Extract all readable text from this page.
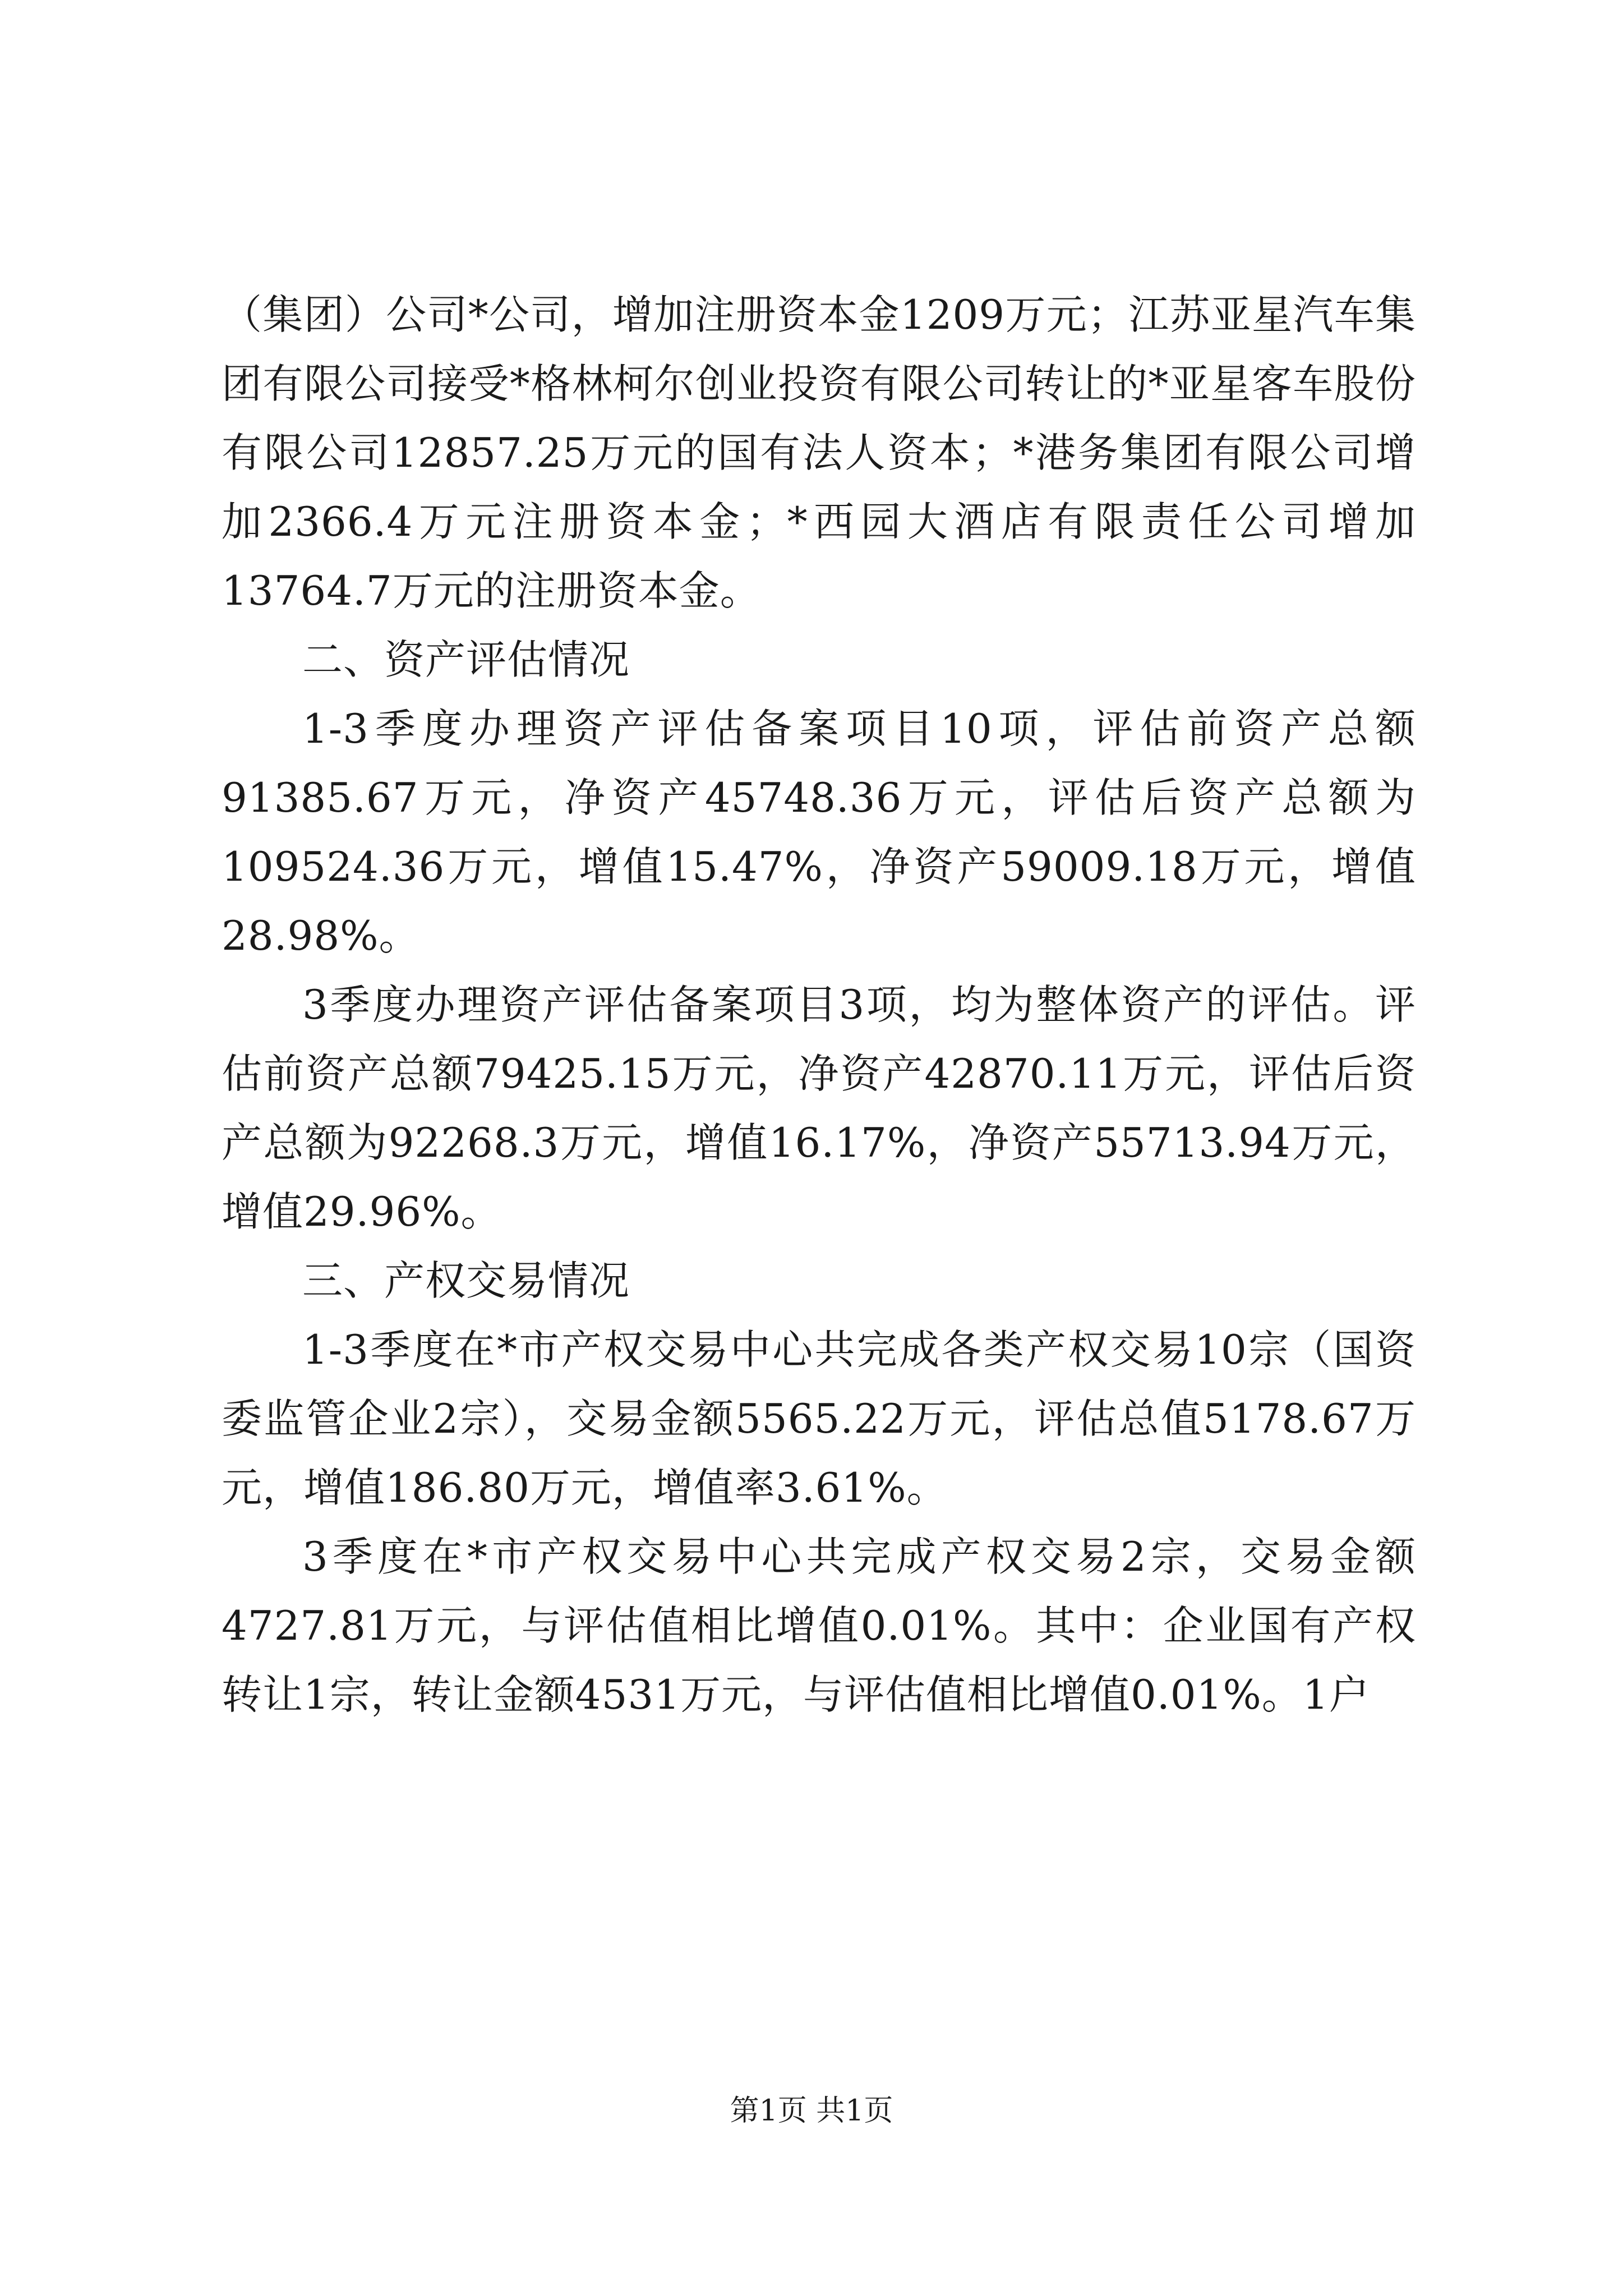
（集团）公司*公司，增加注册资本金1209万元；江苏亚星汽车集团有限公司接受*格林柯尔创业投资有限公司转让的*亚星客车股份有限公司12857.25万元的国有法人资本；*港务集团有限公司增加2366.4万元注册资本金；*西园大酒店有限责任公司增加13764.7万元的注册资本金。

二、资产评估情况

1-3季度办理资产评估备案项目10项，评估前资产总额91385.67万元，净资产45748.36万元，评估后资产总额为109524.36万元，增值15.47%，净资产59009.18万元，增值28.98%。

3季度办理资产评估备案项目3项，均为整体资产的评估。评估前资产总额79425.15万元，净资产42870.11万元，评估后资产总额为92268.3万元，增值16.17%，净资产55713.94万元，增值29.96%。

三、产权交易情况

1-3季度在*市产权交易中心共完成各类产权交易10宗（国资委监管企业2宗），交易金额5565.22万元，评估总值5178.67万元，增值186.80万元，增值率3.61%。

3季度在*市产权交易中心共完成产权交易2宗，交易金额4727.81万元，与评估值相比增值0.01%。其中：企业国有产权转让1宗，转让金额4531万元，与评估值相比增值0.01%。1户

第1页 共1页
